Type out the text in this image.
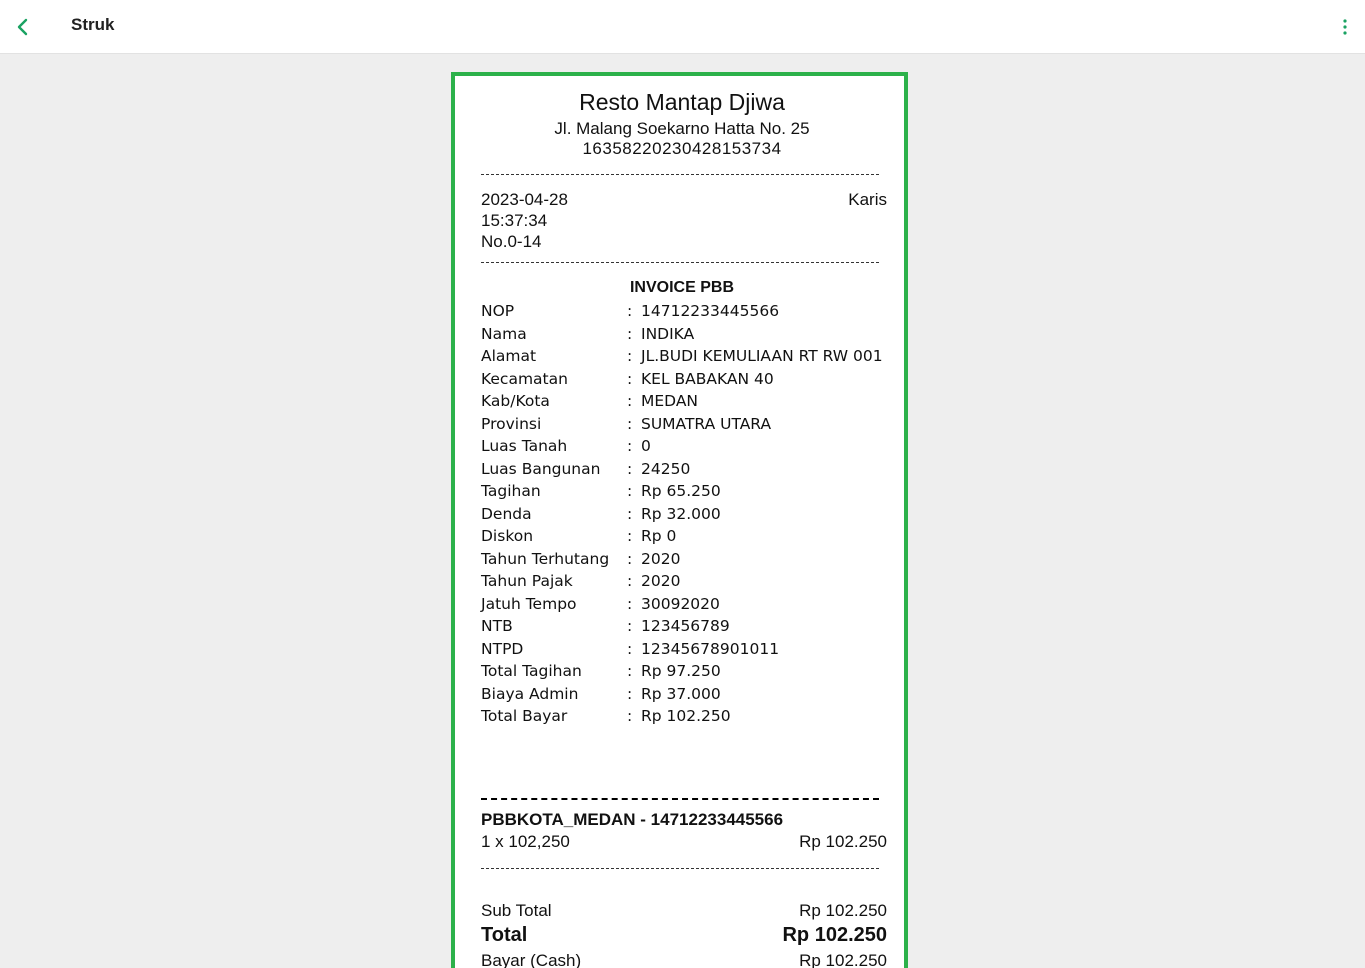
Struk
Resto Mantap Djiwa
Jl. Malang Soekarno Hatta No. 25
16358220230428153734
2023-04-28	Karis
15:37:34
No.0-14
INVOICE PBB
NOP	: 14712233445566
Nama	: INDIKA
Alamat	: JL.BUDI KEMULIAAN RT RW 001
Kecamatan	: KEL BABAKAN 40
Kab/Kota	: MEDAN
Provinsi	: SUMATRA UTARA
Luas Tanah	: 0
Luas Bangunan	: 24250
Tagihan	: Rp 65.250
Denda	: Rp 32.000
Diskon	: Rp 0
Tahun Terhutang	: 2020
Tahun Pajak	: 2020
Jatuh Tempo	: 30092020
NTB	: 123456789
NTPD	: 12345678901011
Total Tagihan	: Rp 97.250
Biaya Admin	: Rp 37.000
Total Bayar	: Rp 102.250
PBBKOTA_MEDAN - 14712233445566
1 x 102,250	Rp 102.250
Sub Total	Rp 102.250
Total	Rp 102.250
Bayar (Cash)	Rp 102.250
